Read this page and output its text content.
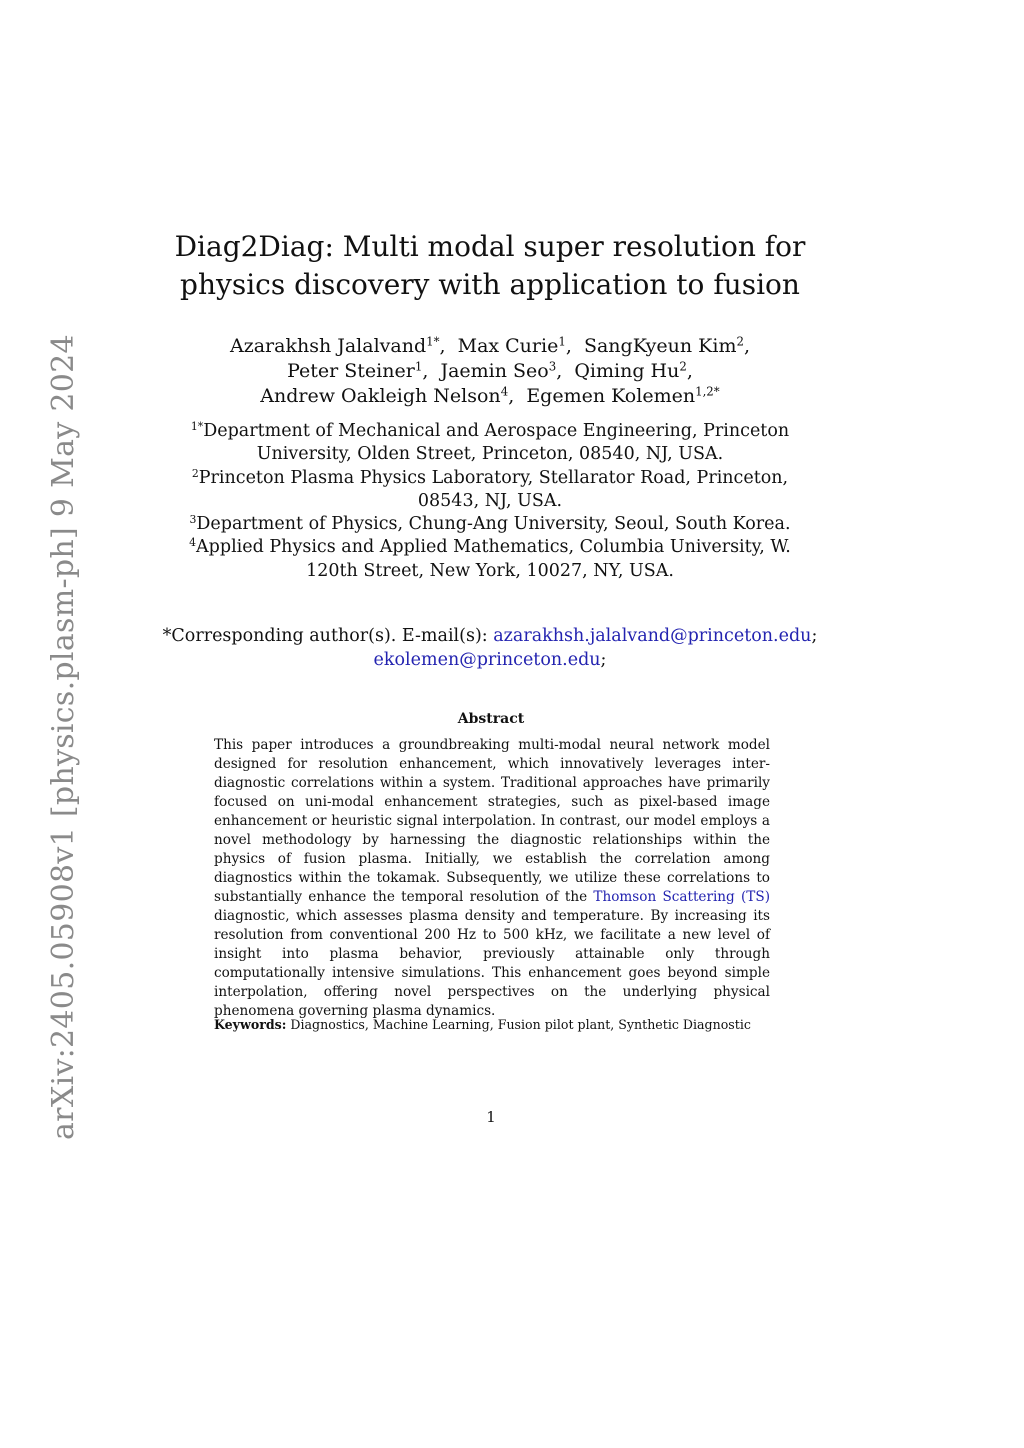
arXiv:2405.05908v1 [physics.plasm-ph] 9 May 2024
Diag2Diag: Multi modal super resolution for
physics discovery with application to fusion
Azarakhsh Jalalvand$^{1*}$,  Max Curie$^1$,  SangKyeun Kim$^2$,
Peter Steiner$^1$,  Jaemin Seo$^3$,  Qiming Hu$^2$,
Andrew Oakleigh Nelson$^4$,  Egemen Kolemen$^{1,2*}$

$^{1*}$Department of Mechanical and Aerospace Engineering, Princeton University, Olden Street, Princeton, 08540, NJ, USA.

$^2$Princeton Plasma Physics Laboratory, Stellarator Road, Princeton, 08543, NJ, USA.

$^3$Department of Physics, Chung-Ang University, Seoul, South Korea.

$^4$Applied Physics and Applied Mathematics, Columbia University, W. 120th Street, New York, 10027, NY, USA.

*Corresponding author(s). E-mail(s): azarakhsh.jalalvand@princeton.edu;
ekolemen@princeton.edu;
Abstract
This paper introduces a groundbreaking multi-modal neural network model designed for resolution enhancement, which innovatively leverages inter-diagnostic correlations within a system. Traditional approaches have primarily focused on uni-modal enhancement strategies, such as pixel-based image enhancement or heuristic signal interpolation. In contrast, our model employs a novel methodology by harnessing the diagnostic relationships within the physics of fusion plasma. Initially, we establish the correlation among diagnostics within the tokamak. Subsequently, we utilize these correlations to substantially enhance the temporal resolution of the Thomson Scattering (TS) diagnostic, which assesses plasma density and temperature. By increasing its resolution from conventional 200 Hz to 500 kHz, we facilitate a new level of insight into plasma behavior, previously attainable only through computationally intensive simulations. This enhancement goes beyond simple interpolation, offering novel perspectives on the underlying physical phenomena governing plasma dynamics.
Keywords: Diagnostics, Machine Learning, Fusion pilot plant, Synthetic Diagnostic
1
